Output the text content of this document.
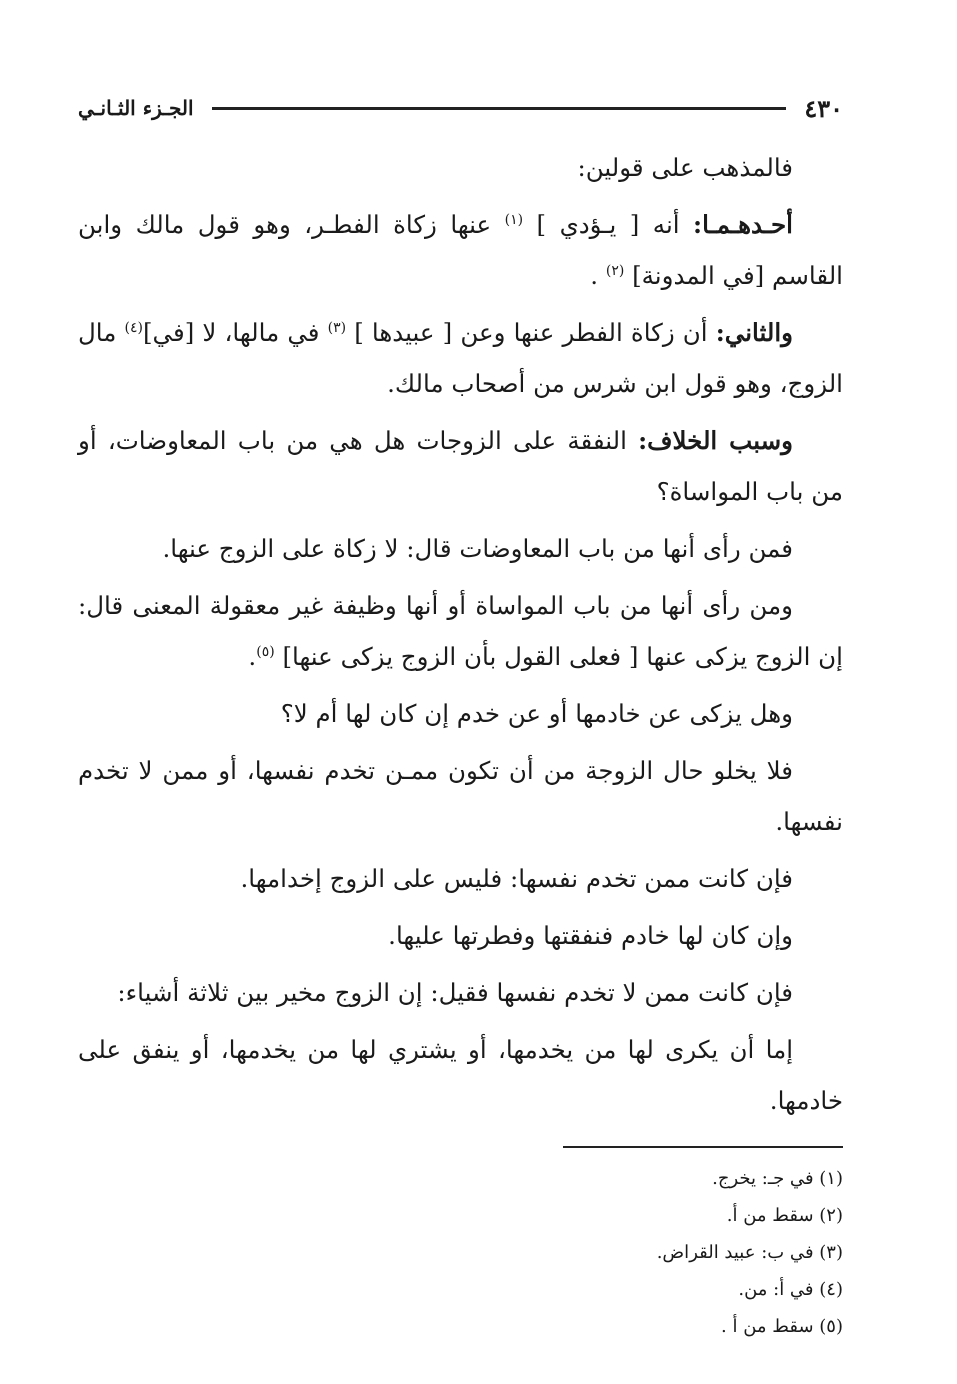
٤٣٠
الجـزء الثـانـي

فالمذهب على قولين:

أحـدهـمـا: أنه [ يـؤدي ] $^{(١)}$ عنها زكاة الفطـر، وهو قول مالك وابن القاسم [في المدونة] $^{(٢)}$ .

والثاني: أن زكاة الفطر عنها وعن [ عبيدها ] $^{(٣)}$ في مالها، لا [في]$^{(٤)}$ مال الزوج، وهو قول ابن شرس من أصحاب مالك.

وسبب الخلاف: النفقة على الزوجات هل هي من باب المعاوضات، أو من باب المواساة؟

فمن رأى أنها من باب المعاوضات قال: لا زكاة على الزوج عنها.

ومن رأى أنها من باب المواساة أو أنها وظيفة غير معقولة المعنى قال: إن الزوج يزكى عنها [ فعلى القول بأن الزوج يزكى عنها] $^{(٥)}$.

وهل يزكى عن خادمها أو عن خدم إن كان لها أم لا؟

فلا يخلو حال الزوجة من أن تكون ممـن تخدم نفسها، أو ممن لا تخدم نفسها.

فإن كانت ممن تخدم نفسها: فليس على الزوج إخدامها.

وإن كان لها خادم فنفقتها وفطرتها عليها.

فإن كانت ممن لا تخدم نفسها فقيل: إن الزوج مخير بين ثلاثة أشياء:

إما أن يكرى لها من يخدمها، أو يشتري لها من يخدمها، أو ينفق على خادمها.

(١) في جـ: يخرج.
(٢) سقط من أ.
(٣) في ب: عبيد القراض.
(٤) في أ: من.
(٥) سقط من أ .
